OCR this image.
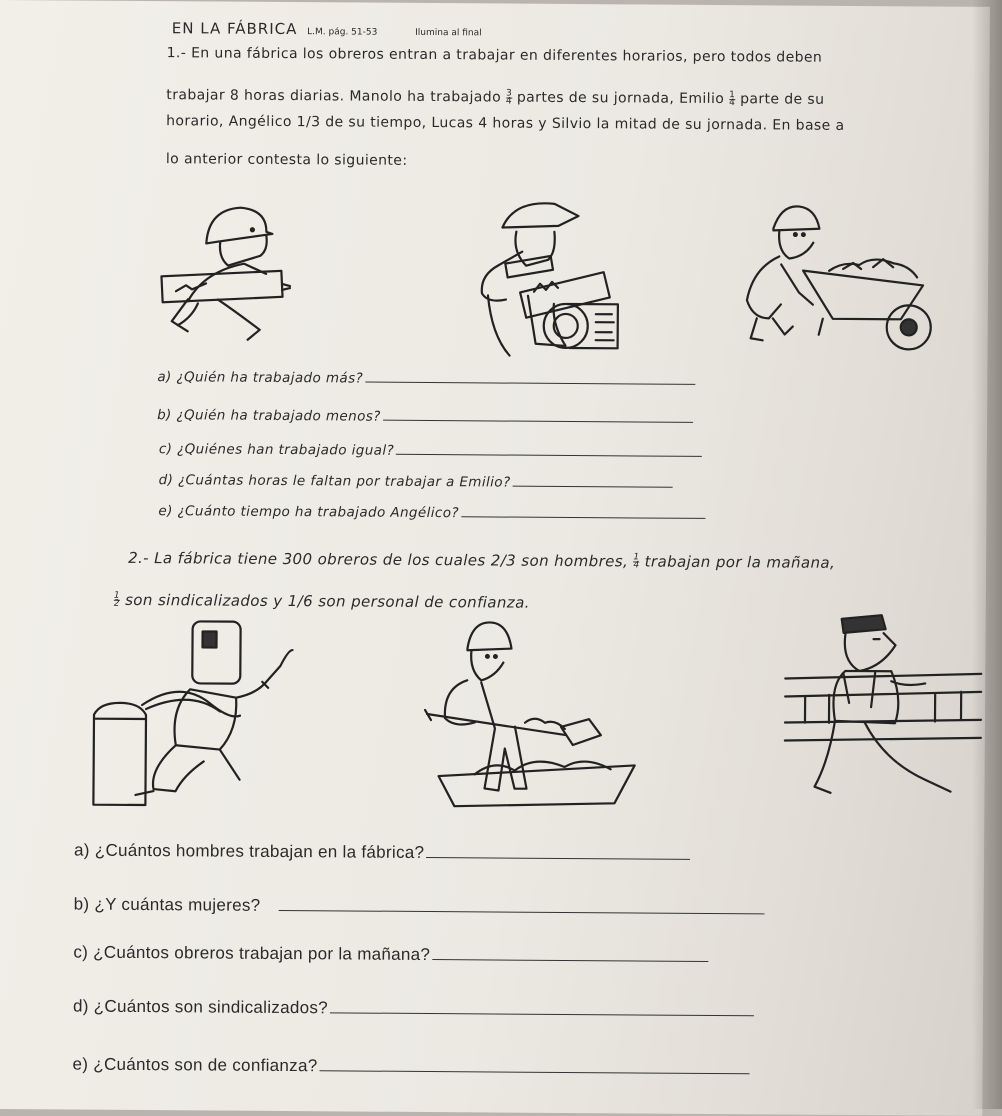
EN LA FÁBRICA L.M. pág. 51-53	Ilumina al final
1.- En una fábrica los obreros entran a trabajar en diferentes horarios, pero todos deben
trabajar 8 horas diarias. Manolo ha trabajado $\frac{3}{4}$ partes de su jornada, Emilio $\frac{1}{4}$ parte de su
horario, Angélico 1/3 de su tiempo, Lucas 4 horas y Silvio la mitad de su jornada. En base a
lo anterior contesta lo siguiente:
a) ¿Quién ha trabajado más?
b) ¿Quién ha trabajado menos?
c) ¿Quiénes han trabajado igual?
d) ¿Cuántas horas le faltan por trabajar a Emilio?
e) ¿Cuánto tiempo ha trabajado Angélico?
2.- La fábrica tiene 300 obreros de los cuales 2/3 son hombres, $\frac{1}{4}$ trabajan por la mañana,
$\frac{1}{2}$ son sindicalizados y 1/6 son personal de confianza.
a) ¿Cuántos hombres trabajan en la fábrica?
b) ¿Y cuántas mujeres?
c) ¿Cuántos obreros trabajan por la mañana?
d) ¿Cuántos son sindicalizados?
e) ¿Cuántos son de confianza?
